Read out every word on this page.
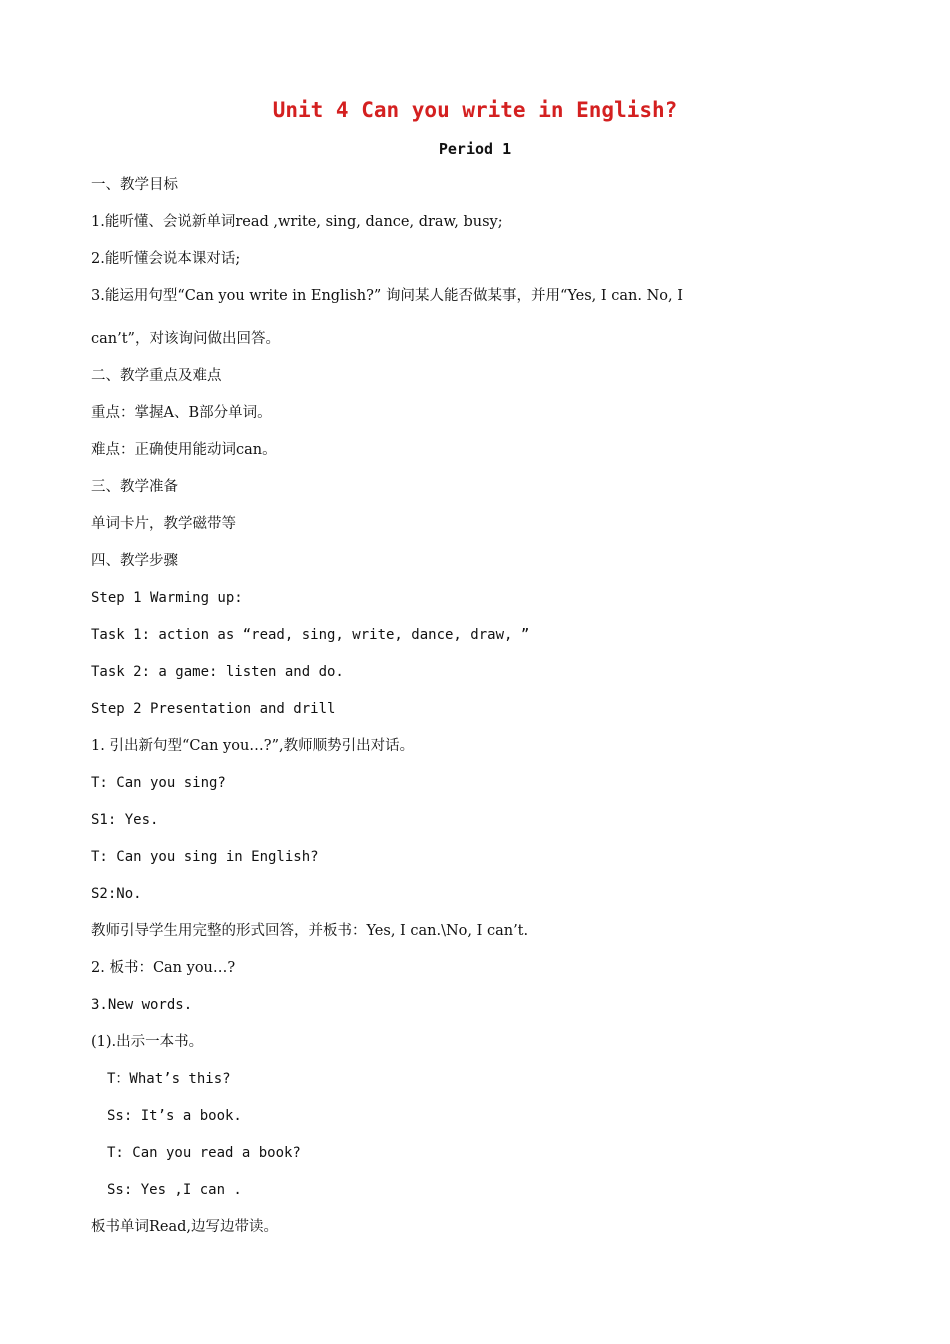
Unit 4 Can you write in English?
Period 1
一、教学目标
1.能听懂、会说新单词read ,write, sing, dance, draw, busy;
2.能听懂会说本课对话;
3.能运用句型“Can you write in English?” 询问某人能否做某事，并用“Yes, I can. No, I
can’t”，对该询问做出回答。
二、教学重点及难点
重点：掌握A、B部分单词。
难点：正确使用能动词can。
三、教学准备
单词卡片，教学磁带等
四、教学步骤
Step 1 Warming up:
Task 1: action as “read, sing, write, dance, draw, ”
Task 2: a game: listen and do.
Step 2 Presentation and drill
1. 引出新句型“Can you…?”,教师顺势引出对话。
T: Can you sing?
S1: Yes.
T: Can you sing in English?
S2:No.
教师引导学生用完整的形式回答，并板书：Yes, I can.\No, I can’t.
2. 板书：Can you…?
3.New words.
(1).出示一本书。
T：What’s this?
Ss: It’s a book.
T: Can you read a book?
Ss: Yes ,I can .
板书单词Read,边写边带读。
